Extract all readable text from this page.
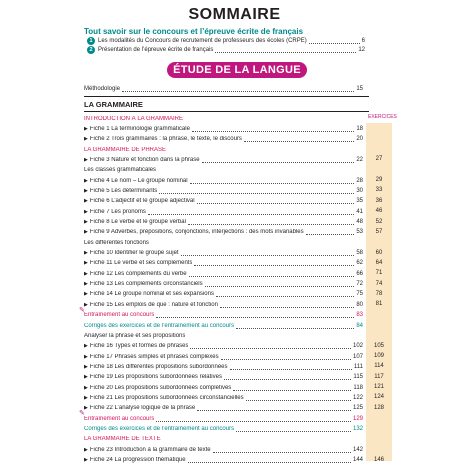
SOMMAIRE
Tout savoir sur le concours et l’épreuve écrite de français
1 Les modalités du Concours de recrutement de professeurs des écoles (CRPE)	6
2 Présentation de l’épreuve écrite de français	12
ÉTUDE DE LA LANGUE
Méthodologie	15
LA GRAMMAIRE
EXERCICES
INTRODUCTION À LA GRAMMAIRE
▶ Fiche 1 La terminologie grammaticale	18
▶ Fiche 2 Trois grammaires : la phrase, le texte, le discours	20
LA GRAMMAIRE DE PHRASE
▶ Fiche 3 Nature et fonction dans la phrase	22	27
Les classes grammaticales
▶ Fiche 4 Le nom – Le groupe nominal	28	29
▶ Fiche 5 Les déterminants	30	33
▶ Fiche 6 L’adjectif et le groupe adjectival	35	36
▶ Fiche 7 Les pronoms	41	46
▶ Fiche 8 Le verbe et le groupe verbal	48	52
▶ Fiche 9 Adverbes, prépositions, conjonctions, interjections : des mots invariables	53	57
Les différentes fonctions
▶ Fiche 10 Identifier le groupe sujet	58	60
▶ Fiche 11 Le verbe et ses compléments	62	64
▶ Fiche 12 Les compléments du verbe	66	71
▶ Fiche 13 Les compléments circonstanciels	72	74
▶ Fiche 14 Le groupe nominal et ses expansions	75	78
▶ Fiche 15 Les emplois de que : nature et fonction	80	81
Entraînement au concours	83
✎
Corrigés des exercices et de l’entraînement au concours	84
Analyser la phrase et ses propositions
▶ Fiche 16 Types et formes de phrases	102	105
▶ Fiche 17 Phrases simples et phrases complexes	107	109
▶ Fiche 18 Les différentes propositions subordonnées	111	114
▶ Fiche 19 Les propositions subordonnées relatives	115	117
▶ Fiche 20 Les propositions subordonnées complétives	118	121
▶ Fiche 21 Les propositions subordonnées circonstancielles	122	124
▶ Fiche 22 L’analyse logique de la phrase	125	128
Entraînement au concours	129
✎
Corrigés des exercices et de l’entraînement au concours	132
LA GRAMMAIRE DE TEXTE
▶ Fiche 23 Introduction à la grammaire de texte	142
▶ Fiche 24 La progression thématique	144	146
